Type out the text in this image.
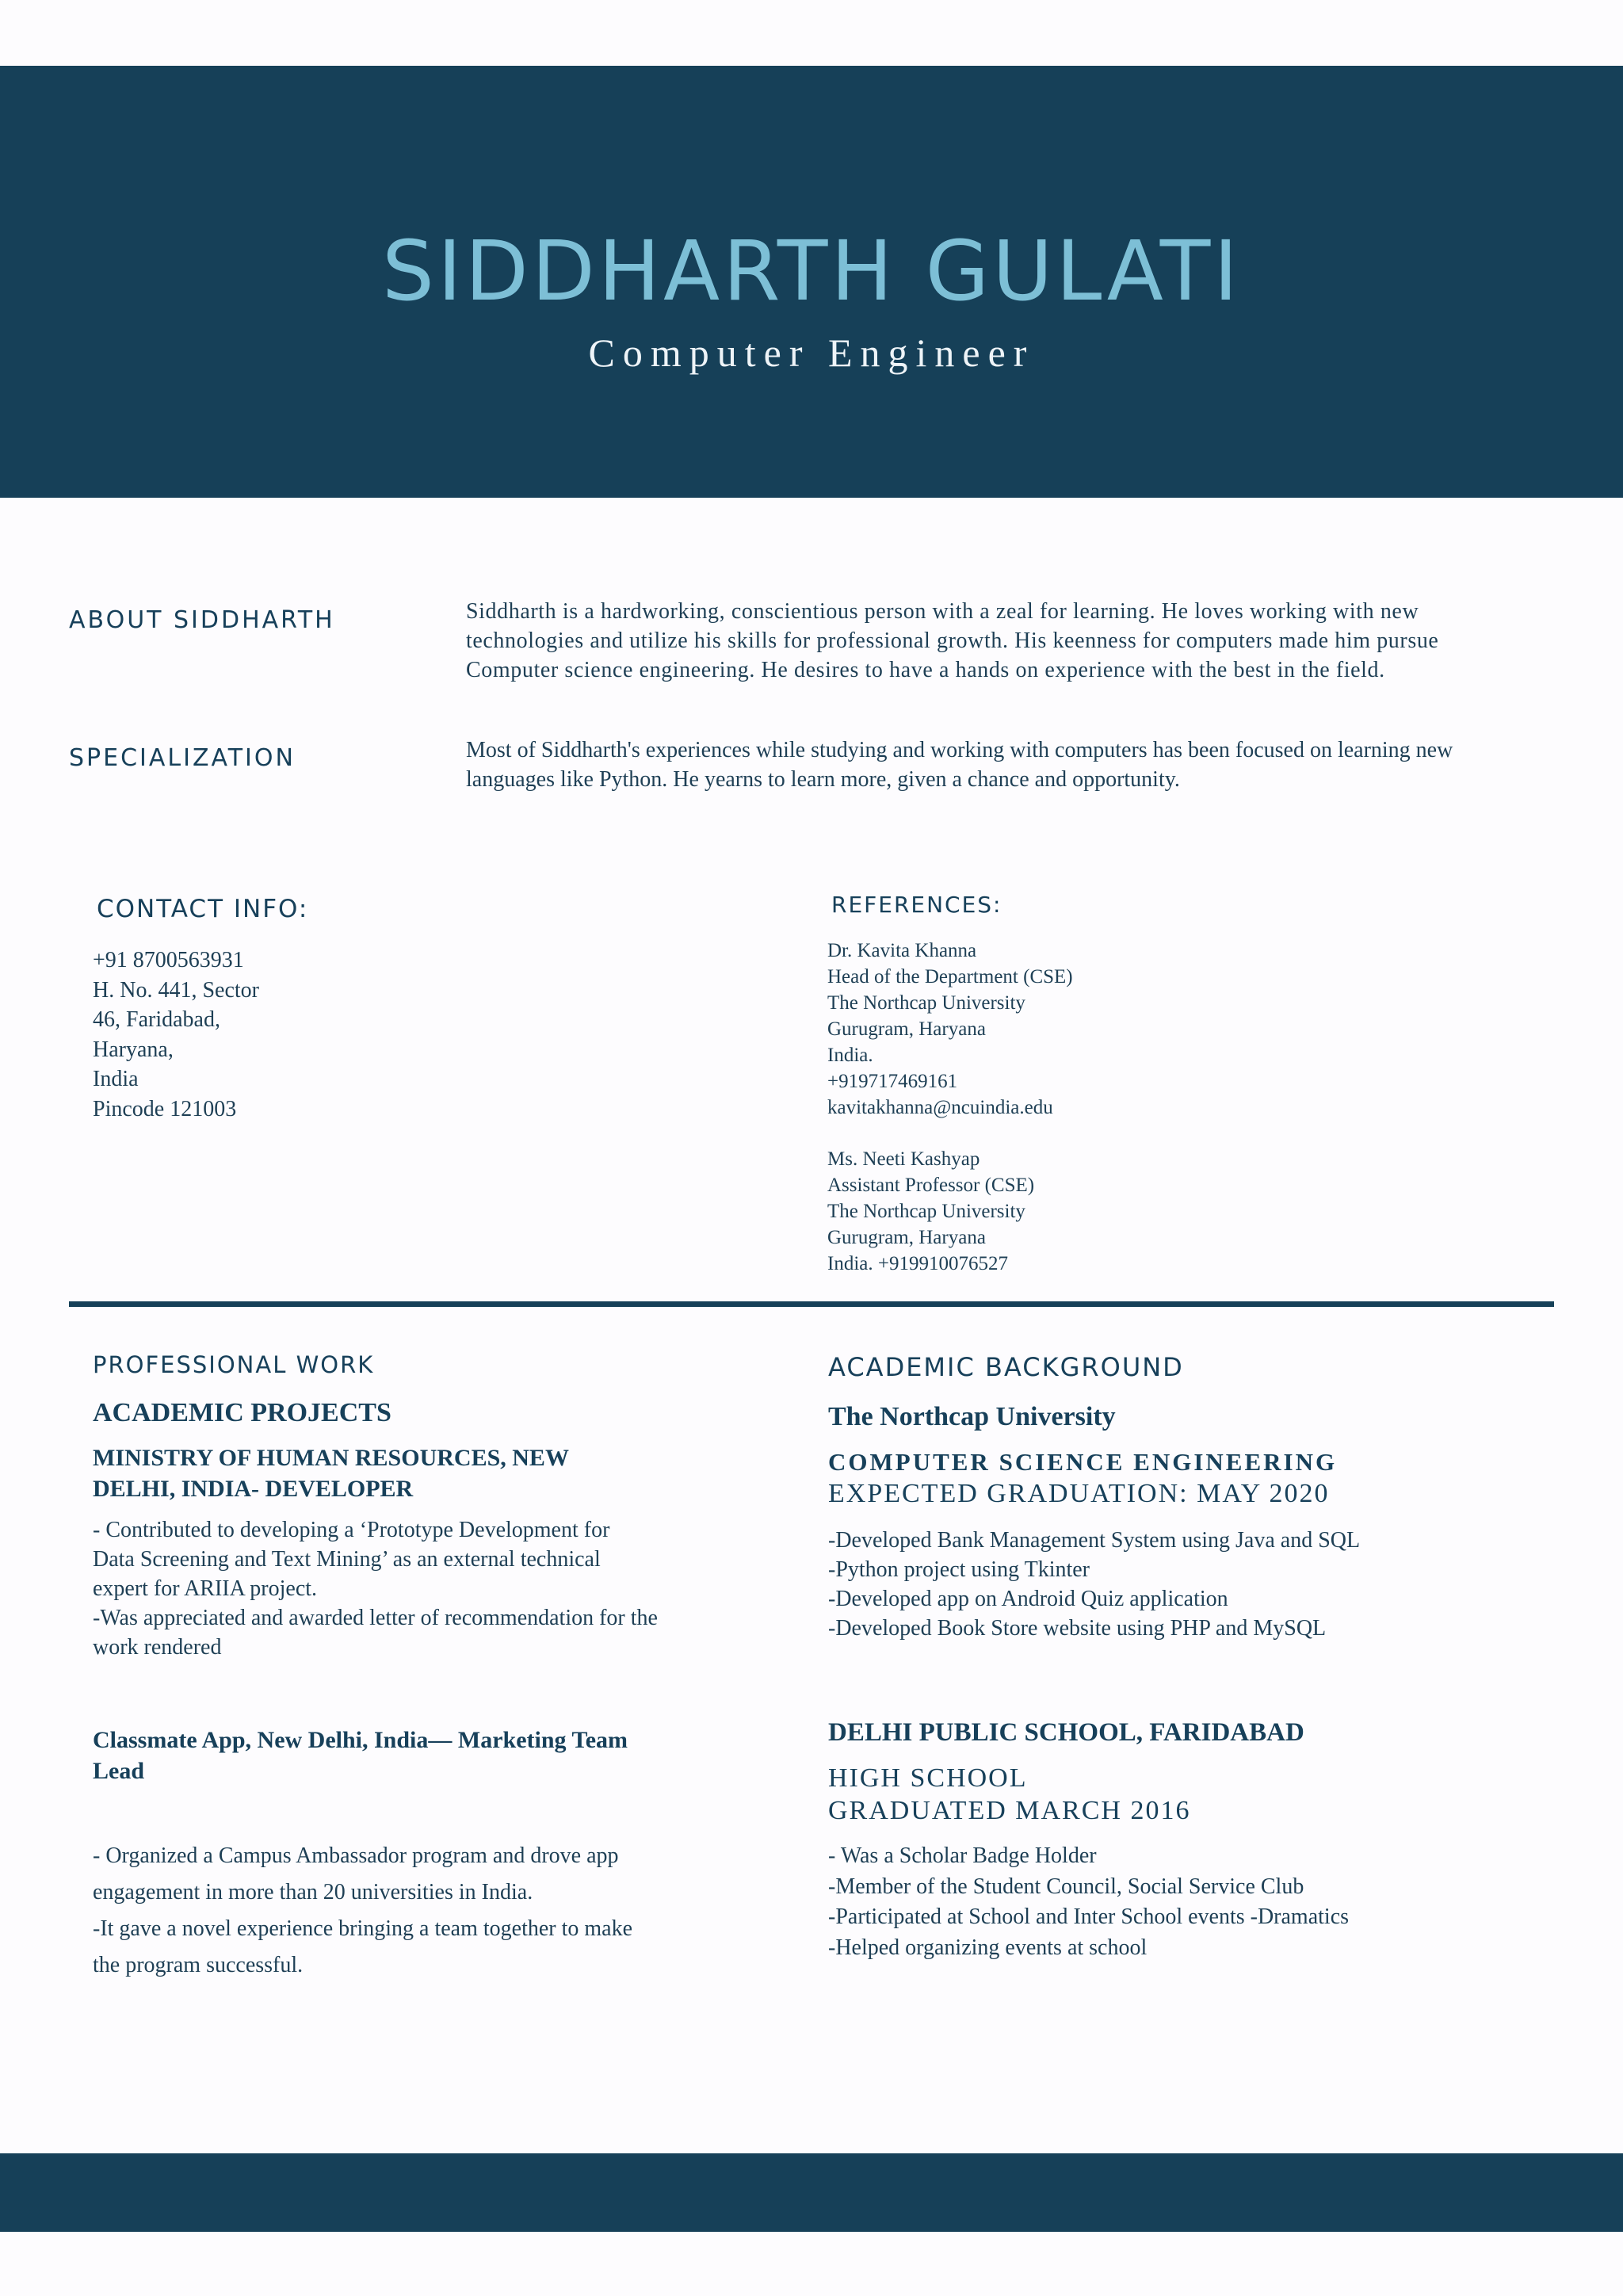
SIDDHARTH GULATI
Computer Engineer
ABOUT SIDDHARTH	Siddharth is a hardworking, conscientious person with a zeal for learning. He loves working with new technologies and utilize his skills for professional growth. His keenness for computers made him pursue Computer science engineering. He desires to have a hands on experience with the best in the field.

SPECIALIZATION	Most of Siddharth's experiences while studying and working with computers has been focused on learning new languages like Python. He yearns to learn more, given a chance and opportunity.

CONTACT INFO:
+91 8700563931
H. No. 441, Sector
46, Faridabad,
Haryana,
India
Pincode 121003
REFERENCES:
Dr. Kavita Khanna
Head of the Department (CSE)
The Northcap University
Gurugram, Haryana
India.
+919717469161
kavitakhanna@ncuindia.edu
Ms. Neeti Kashyap
Assistant Professor (CSE)
The Northcap University
Gurugram, Haryana
India. +919910076527
PROFESSIONAL WORK
ACADEMIC PROJECTS
MINISTRY OF HUMAN RESOURCES, NEW
DELHI, INDIA- DEVELOPER
- Contributed to developing a ‘Prototype Development for
Data Screening and Text Mining’ as an external technical
expert for ARIIA project.
-Was appreciated and awarded letter of recommendation for the
work rendered
Classmate App, New Delhi, India— Marketing Team
Lead
- Organized a Campus Ambassador program and drove app
engagement in more than 20 universities in India.
-It gave a novel experience bringing a team together to make
the program successful.
ACADEMIC BACKGROUND
The Northcap University
COMPUTER SCIENCE ENGINEERING
EXPECTED GRADUATION: MAY 2020
-Developed Bank Management System using Java and SQL
-Python project using Tkinter
-Developed app on Android Quiz application
-Developed Book Store website using PHP and MySQL
DELHI PUBLIC SCHOOL, FARIDABAD
HIGH SCHOOL
GRADUATED MARCH 2016
- Was a Scholar Badge Holder
-Member of the Student Council, Social Service Club
-Participated at School and Inter School events -Dramatics
-Helped organizing events at school
